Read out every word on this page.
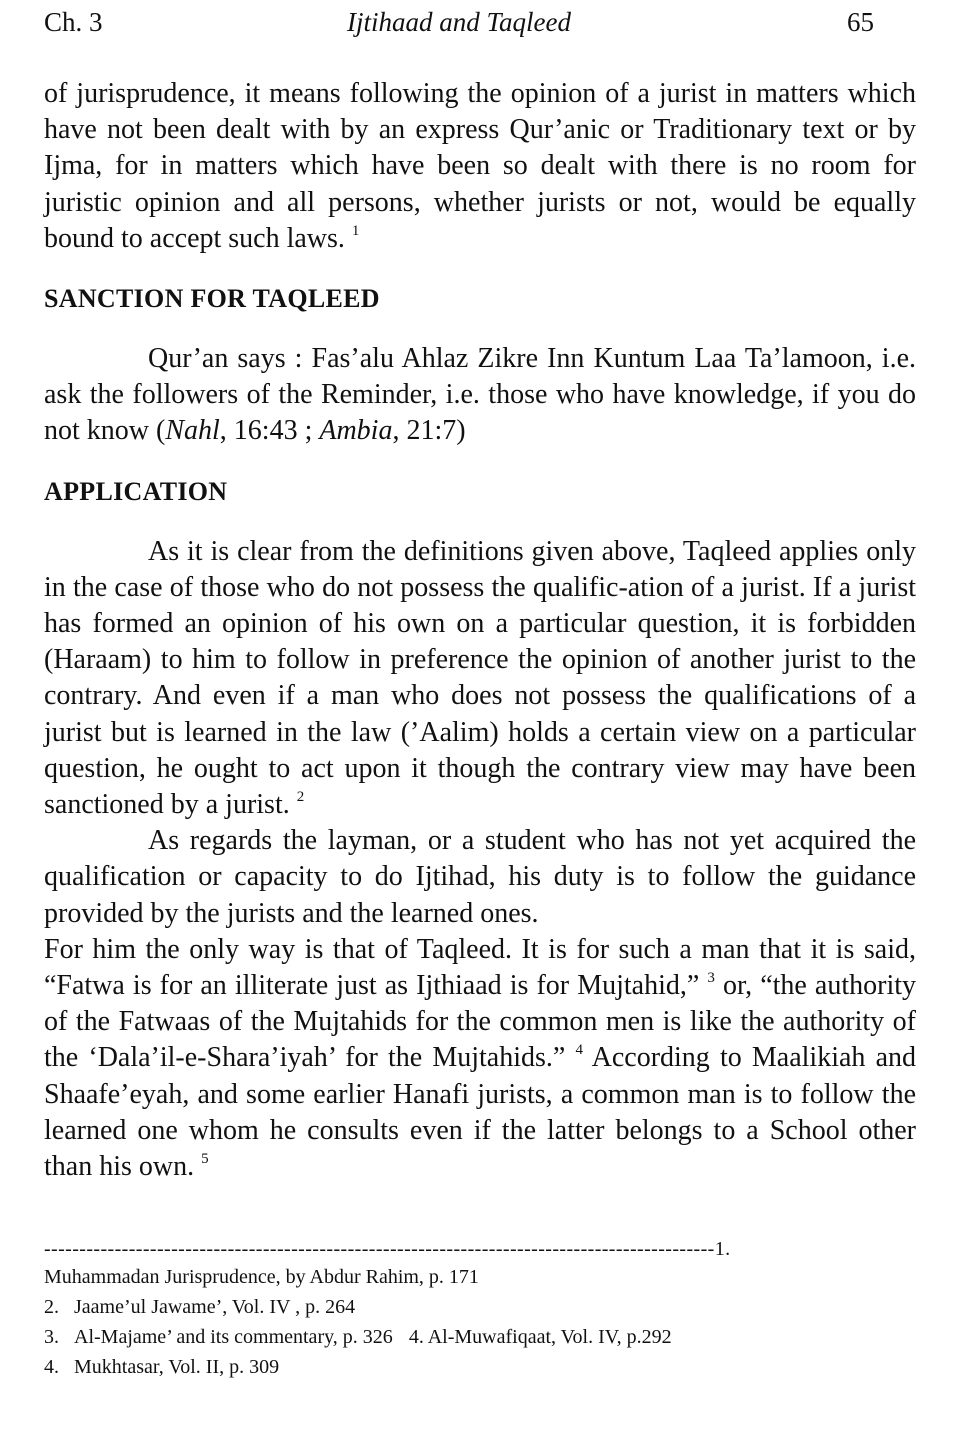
Ch. 3	Ijtihaad and Taqleed	65

of jurisprudence, it means following the opinion of a jurist in matters which have not been dealt with by an express Qur’anic or Traditionary text or by Ijma, for in matters which have been so dealt with there is no room for juristic opinion and all persons, whether jurists or not, would be equally bound to accept such laws. $^1$

SANCTION FOR TAQLEED

Qur’an says : Fas’alu Ahlaz Zikre Inn Kuntum Laa Ta’lamoon, i.e. ask the followers of the Reminder, i.e. those who have knowledge, if you do not know (Nahl, 16:43 ; Ambia, 21:7)

APPLICATION

As it is clear from the definitions given above, Taqleed applies only in the case of those who do not possess the qualific-ation of a jurist. If a jurist has formed an opinion of his own on a particular question, it is forbidden (Haraam) to him to follow in preference the opinion of another jurist to the contrary. And even if a man who does not possess the qualifications of a jurist but is learned in the law (’Aalim) holds a certain view on a particular question, he ought to act upon it though the contrary view may have been sanctioned by a jurist. $^2$

As regards the layman, or a student who has not yet acquired the qualification or capacity to do Ijtihad, his duty is to follow the guidance provided by the jurists and the learned ones.

For him the only way is that of Taqleed. It is for such a man that it is said, “Fatwa is for an illiterate just as Ijthiaad is for Mujtahid,” $^3$ or, “the authority of the Fatwaas of the Mujtahids for the common men is like the authority of the ‘Dala’il-e-Shara’iyah’ for the Mujtahids.” $^4$ According to Maalikiah and Shaafe’eyah, and some earlier Hanafi jurists, a common man is to follow the learned one whom he consults even if the latter belongs to a School other than his own. $^5$

-----------------------------------------------------------------------------------------------1.
Muhammadan Jurisprudence, by Abdur Rahim, p. 171
2. Jaame’ul Jawame’, Vol. IV , p. 264
3. Al-Majame’ and its commentary, p. 326 4. Al-Muwafiqaat, Vol. IV, p.292
4. Mukhtasar, Vol. II, p. 309
